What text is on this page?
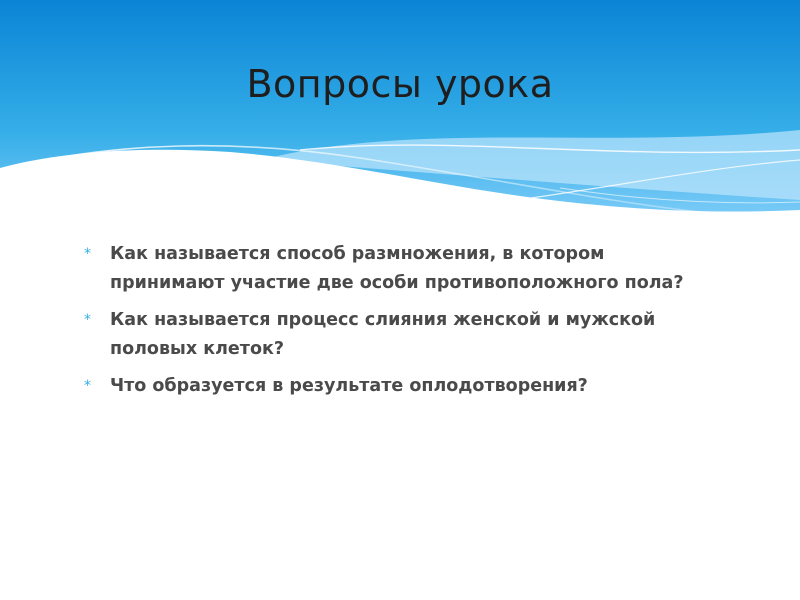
Вопросы урока
* Как называется способ размножения, в котором принимают участие две особи противоположного пола?
* Как называется процесс слияния женской и мужской половых клеток?
* Что образуется в результате оплодотворения?
